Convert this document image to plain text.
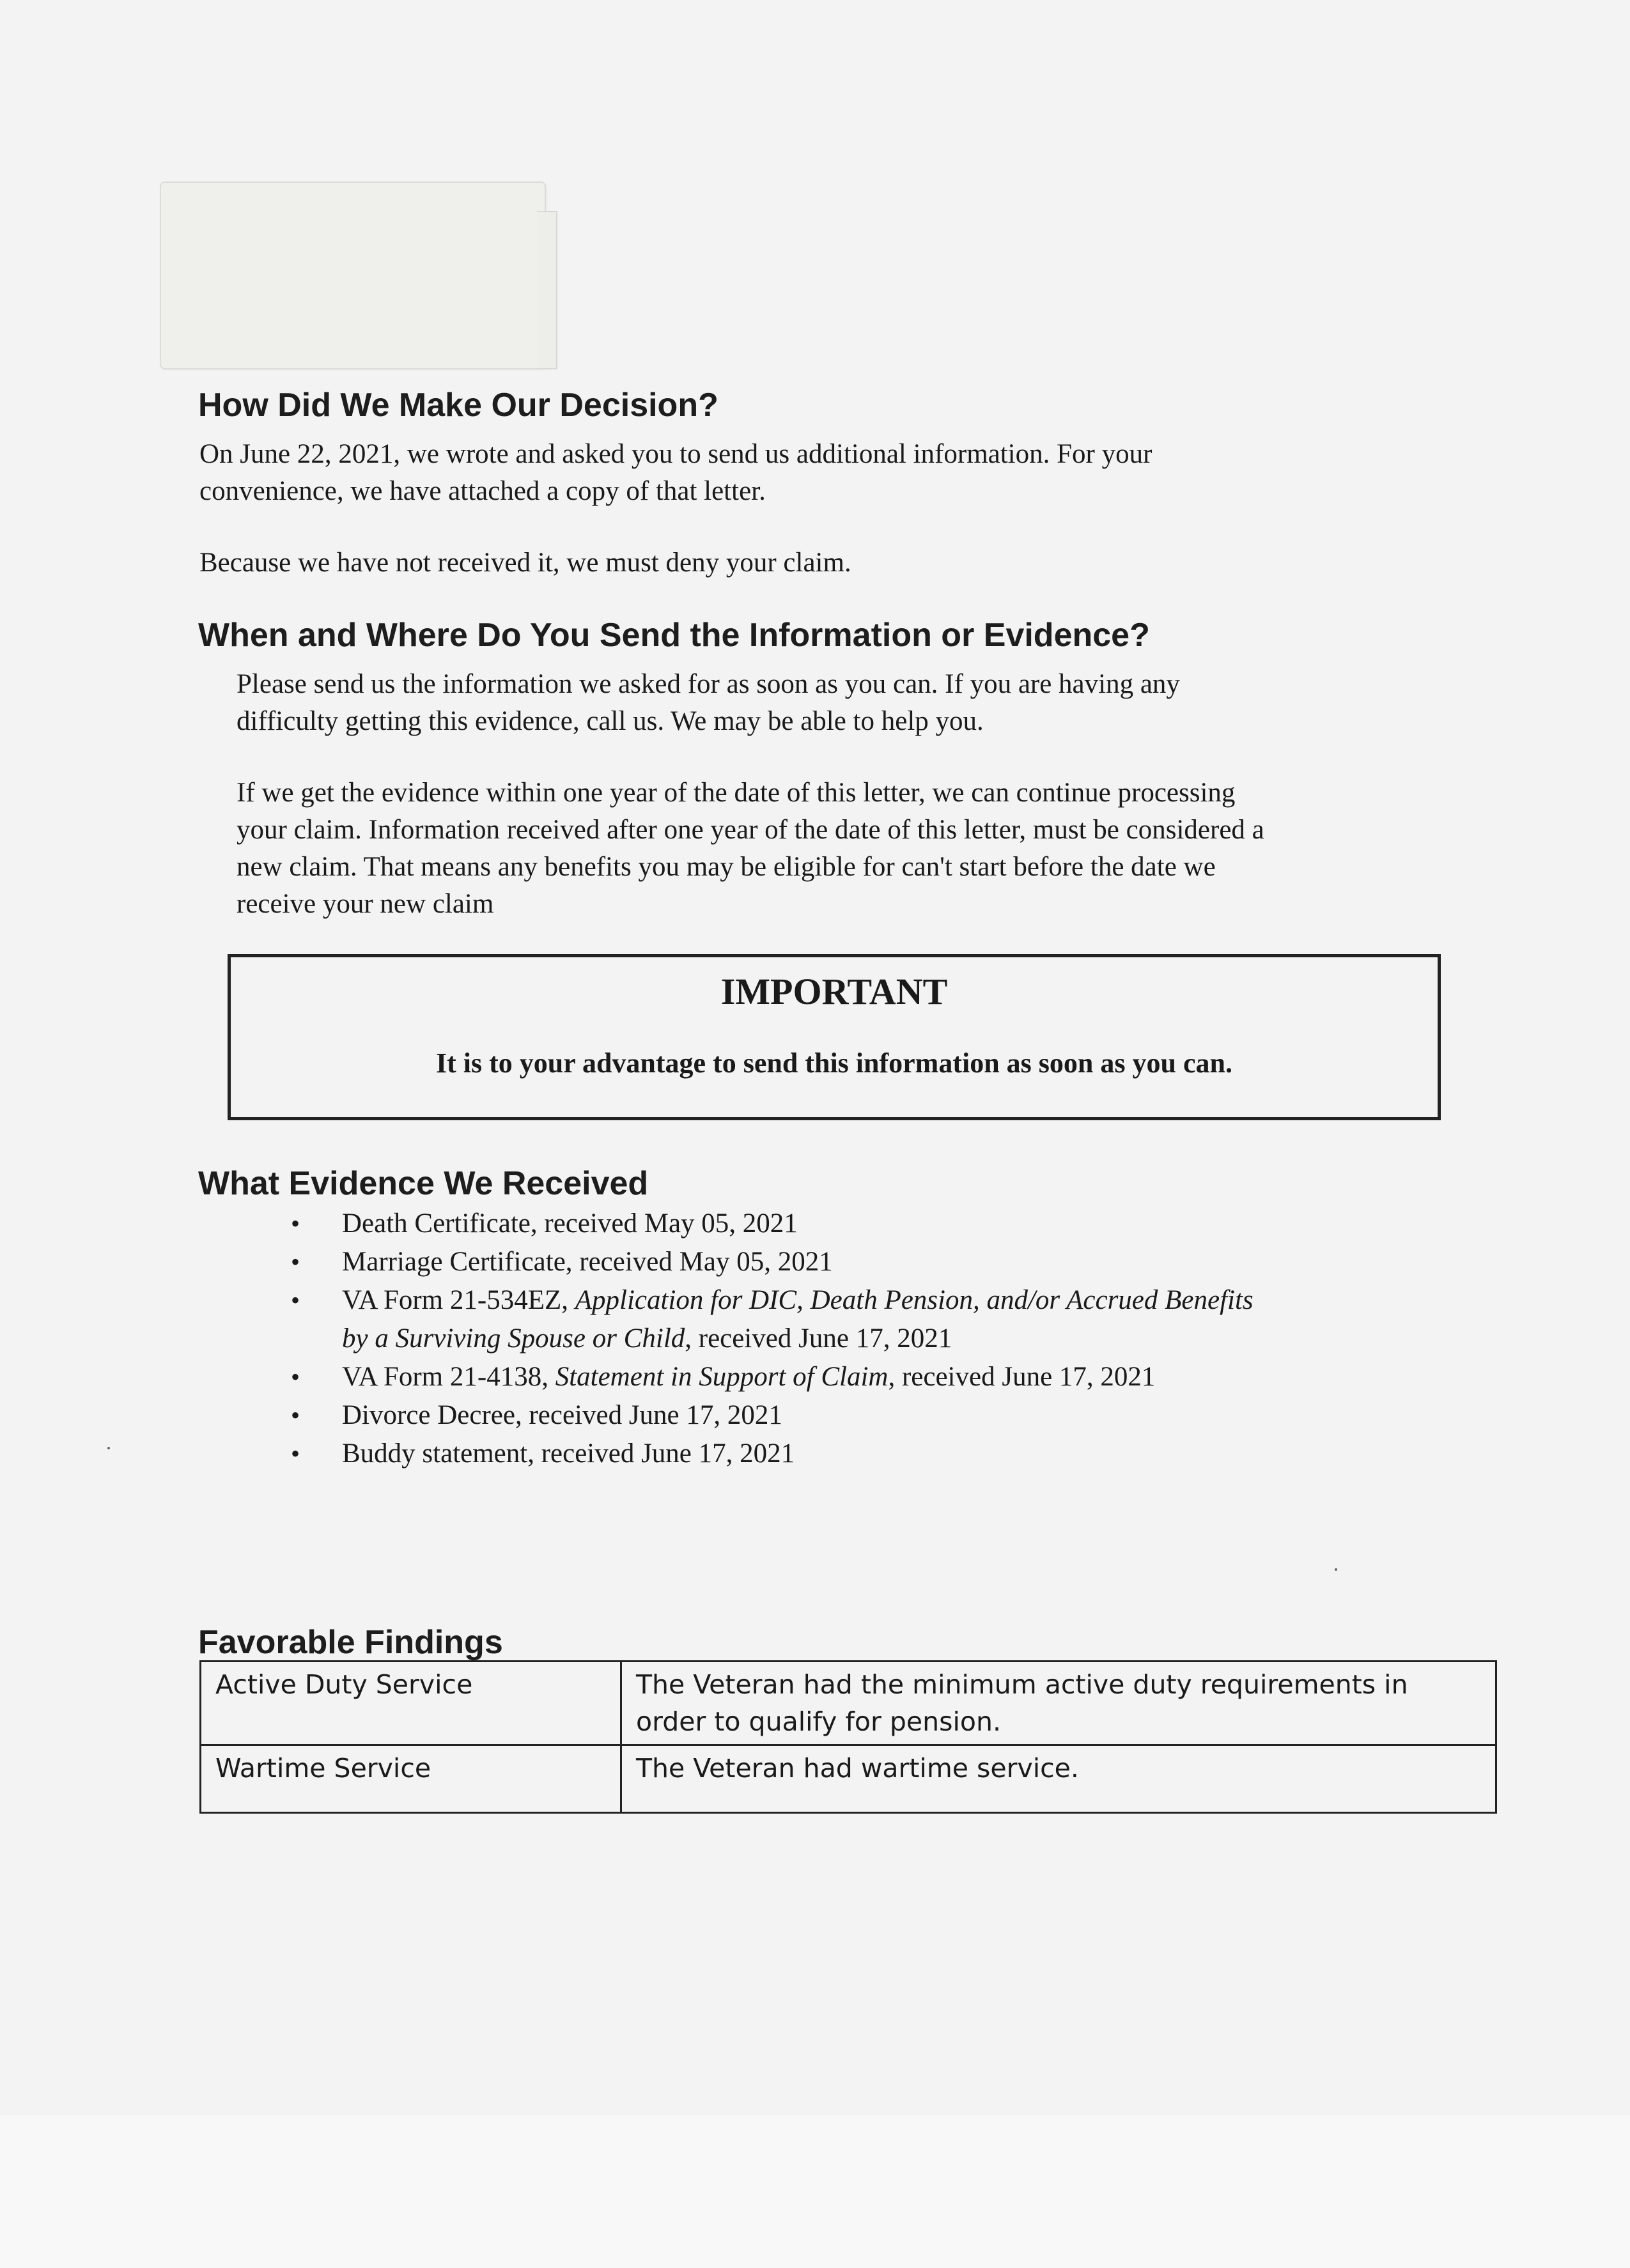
How Did We Make Our Decision?

On June 22, 2021, we wrote and asked you to send us additional information. For your
convenience, we have attached a copy of that letter.

Because we have not received it, we must deny your claim.

When and Where Do You Send the Information or Evidence?

Please send us the information we asked for as soon as you can. If you are having any
difficulty getting this evidence, call us. We may be able to help you.

If we get the evidence within one year of the date of this letter, we can continue processing
your claim. Information received after one year of the date of this letter, must be considered a
new claim. That means any benefits you may be eligible for can't start before the date we
receive your new claim

IMPORTANT
It is to your advantage to send this information as soon as you can.
What Evidence We Received
•	Death Certificate, received May 05, 2021
•	Marriage Certificate, received May 05, 2021
•	VA Form 21-534EZ, Application for DIC, Death Pension, and/or Accrued Benefits
by a Surviving Spouse or Child, received June 17, 2021
•	VA Form 21-4138, Statement in Support of Claim, received June 17, 2021
•	Divorce Decree, received June 17, 2021
•	Buddy statement, received June 17, 2021
Favorable Findings
Active Duty Service	The Veteran had the minimum active duty requirements in order to qualify for pension.
Wartime Service	The Veteran had wartime service.
